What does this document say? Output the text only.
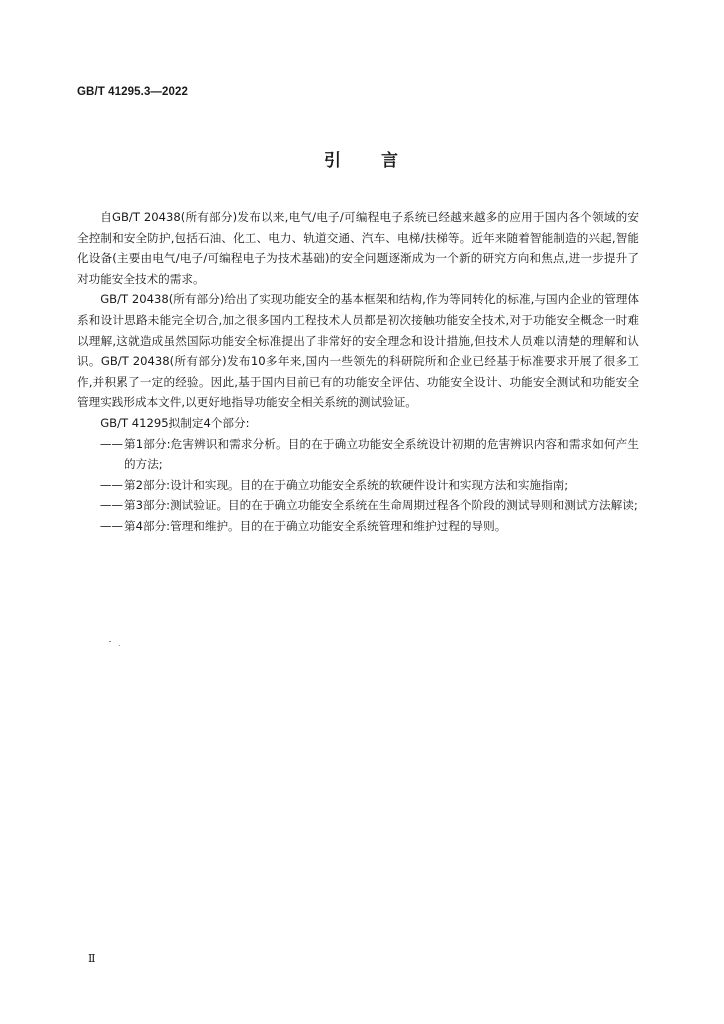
GB/T 41295.3—2022
引 言

自GB/T 20438(所有部分)发布以来,电气/电子/可编程电子系统已经越来越多的应用于国内各个领域的安全控制和安全防护,包括石油、化工、电力、轨道交通、汽车、电梯/扶梯等。近年来随着智能制造的兴起,智能化设备(主要由电气/电子/可编程电子为技术基础)的安全问题逐渐成为一个新的研究方向和焦点,进一步提升了对功能安全技术的需求。

GB/T 20438(所有部分)给出了实现功能安全的基本框架和结构,作为等同转化的标准,与国内企业的管理体系和设计思路未能完全切合,加之很多国内工程技术人员都是初次接触功能安全技术,对于功能安全概念一时难以理解,这就造成虽然国际功能安全标准提出了非常好的安全理念和设计措施,但技术人员难以清楚的理解和认识。GB/T 20438(所有部分)发布10多年来,国内一些领先的科研院所和企业已经基于标准要求开展了很多工作,并积累了一定的经验。因此,基于国内目前已有的功能安全评估、功能安全设计、功能安全测试和功能安全管理实践形成本文件,以更好地指导功能安全相关系统的测试验证。

GB/T 41295拟制定4个部分:

—— 第1部分:危害辨识和需求分析。目的在于确立功能安全系统设计初期的危害辨识内容和需求如何产生的方法;
—— 第2部分:设计和实现。目的在于确立功能安全系统的软硬件设计和实现方法和实施指南;
—— 第3部分:测试验证。目的在于确立功能安全系统在生命周期过程各个阶段的测试导则和测试方法解读;
—— 第4部分:管理和维护。目的在于确立功能安全系统管理和维护过程的导则。
Ⅱ
